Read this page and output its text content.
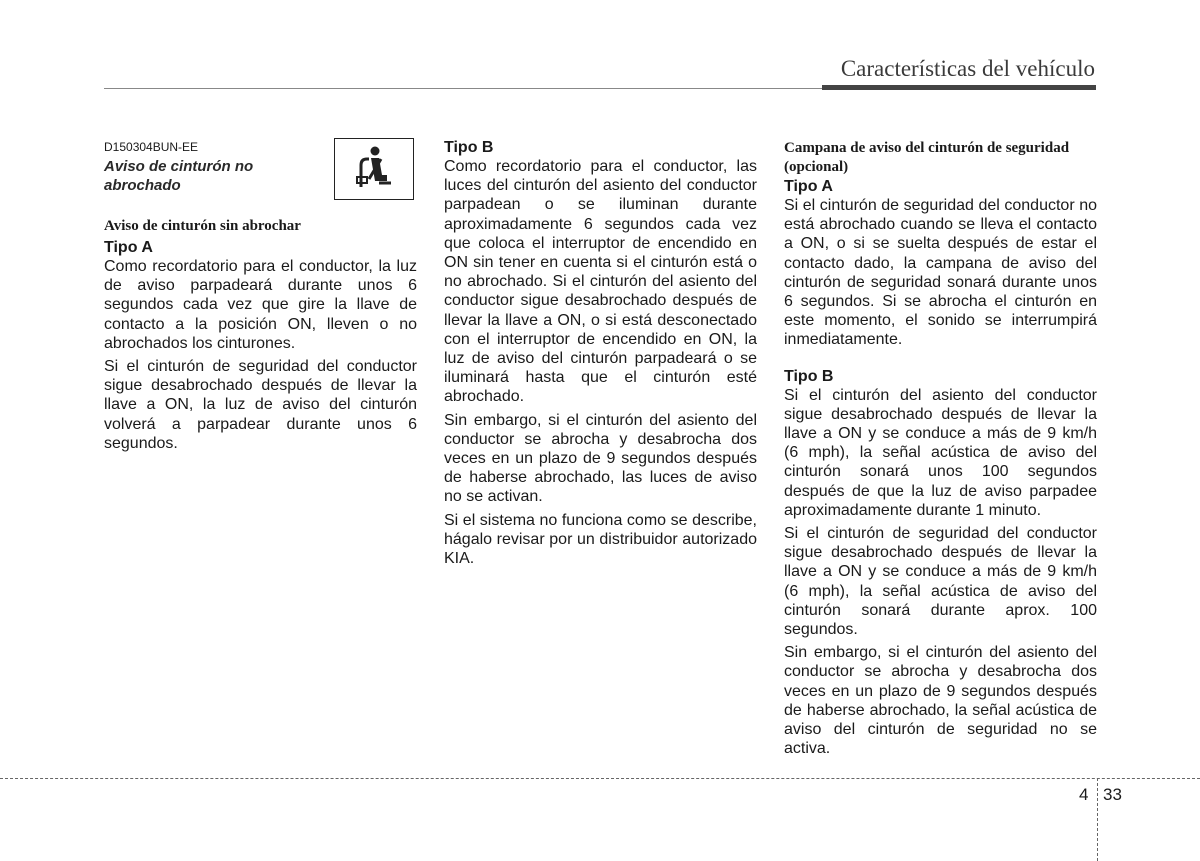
Características del vehículo
D150304BUN-EE
Aviso de cinturón no abrochado
Aviso de cinturón sin abrochar
Tipo A

Como recordatorio para el conductor, la luz de aviso parpadeará durante unos 6 segundos cada vez que gire la llave de contacto a la posición ON, lleven o no abrochados los cinturones.

Si el cinturón de seguridad del conductor sigue desabrochado después de llevar la llave a ON, la luz de aviso del cinturón volverá a parpadear durante unos 6 segundos.

Tipo B

Como recordatorio para el conductor, las luces del cinturón del asiento del conductor parpadean o se iluminan durante aproximadamente 6 segundos cada vez que coloca el interruptor de encendido en ON sin tener en cuenta si el cinturón está o no abrochado. Si el cinturón del asiento del conductor sigue desabrochado después de llevar la llave a ON, o si está desconectado con el interruptor de encendido en ON, la luz de aviso del cinturón parpadeará o se iluminará hasta que el cinturón esté abrochado.

Sin embargo, si el cinturón del asiento del conductor se abrocha y desabrocha dos veces en un plazo de 9 segundos después de haberse abrochado, las luces de aviso no se activan.

Si el sistema no funciona como se describe, hágalo revisar por un distribuidor autorizado KIA.

Campana de aviso del cinturón de seguridad (opcional)
Tipo A

Si el cinturón de seguridad del conductor no está abrochado cuando se lleva el contacto a ON, o si se suelta después de estar el contacto dado, la campana de aviso del cinturón de seguridad sonará durante unos 6 segundos. Si se abrocha el cinturón en este momento, el sonido se interrumpirá inmediatamente.

Tipo B

Si el cinturón del asiento del conductor sigue desabrochado después de llevar la llave a ON y se conduce a más de 9 km/h (6 mph), la señal acústica de aviso del cinturón sonará unos 100 segundos después de que la luz de aviso parpadee aproximadamente durante 1 minuto.

Si el cinturón de seguridad del conductor sigue desabrochado después de llevar la llave a ON y se conduce a más de 9 km/h (6 mph), la señal acústica de aviso del cinturón sonará durante aprox. 100 segundos.

Sin embargo, si el cinturón del asiento del conductor se abrocha y desabrocha dos veces en un plazo de 9 segundos después de haberse abrochado, la señal acústica de aviso del cinturón de seguridad no se activa.

4 33
